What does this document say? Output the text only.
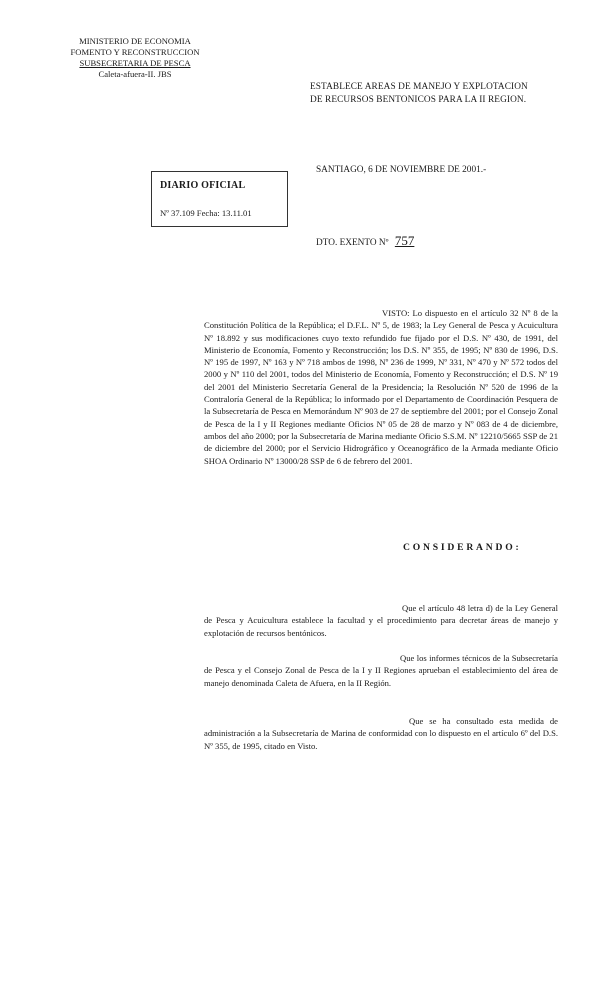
MINISTERIO DE ECONOMIA
FOMENTO Y RECONSTRUCCION
SUBSECRETARIA DE PESCA
Caleta-afuera-II. JBS
ESTABLECE AREAS DE MANEJO Y EXPLOTACION
DE RECURSOS BENTONICOS PARA LA II REGION.
SANTIAGO, 6 DE NOVIEMBRE DE 2001.-
DIARIO OFICIAL
Nº 37.109 Fecha: 13.11.01
DTO. EXENTO Nº 757
VISTO: Lo dispuesto en el artículo 32 Nº 8 de la Constitución Política de la República; el D.F.L. Nº 5, de 1983; la Ley General de Pesca y Acuicultura Nº 18.892 y sus modificaciones cuyo texto refundido fue fijado por el D.S. Nº 430, de 1991, del Ministerio de Economía, Fomento y Reconstrucción; los D.S. Nº 355, de 1995; Nº 830 de 1996, D.S. Nº 195 de 1997, Nº 163 y Nº 718 ambos de 1998, Nº 236 de 1999, Nº 331, Nº 470 y Nº 572 todos del 2000 y Nº 110 del 2001, todos del Ministerio de Economía, Fomento y Reconstrucción; el D.S. Nº 19 del 2001 del Ministerio Secretaría General de la Presidencia; la Resolución Nº 520 de 1996 de la Contraloría General de la República; lo informado por el Departamento de Coordinación Pesquera de la Subsecretaría de Pesca en Memorándum Nº 903 de 27 de septiembre del 2001; por el Consejo Zonal de Pesca de la I y II Regiones mediante Oficios Nº 05 de 28 de marzo y Nº 083 de 4 de diciembre, ambos del año 2000; por la Subsecretaría de Marina mediante Oficio S.S.M. Nº 12210/5665 SSP de 21 de diciembre del 2000; por el Servicio Hidrográfico y Oceanográfico de la Armada mediante Oficio SHOA Ordinario Nº 13000/28 SSP de 6 de febrero del 2001.
CONSIDERANDO:
Que el artículo 48 letra d) de la Ley General de Pesca y Acuicultura establece la facultad y el procedimiento para decretar áreas de manejo y explotación de recursos bentónicos.
Que los informes técnicos de la Subsecretaría de Pesca y el Consejo Zonal de Pesca de la I y II Regiones aprueban el establecimiento del área de manejo denominada Caleta de Afuera, en la II Región.
Que se ha consultado esta medida de administración a la Subsecretaría de Marina de conformidad con lo dispuesto en el artículo 6º del D.S. Nº 355, de 1995, citado en Visto.
